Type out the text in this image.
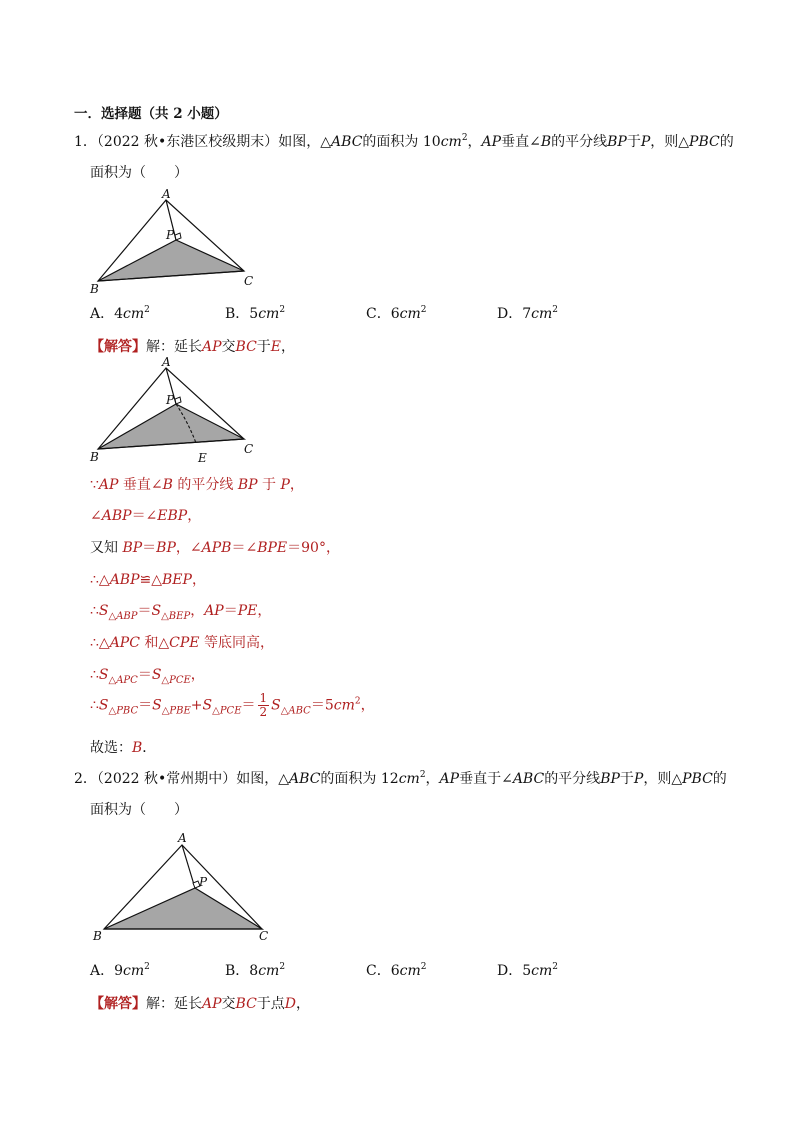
一．选择题（共 2 小题）
1．（2022 秋•东港区校级期末）如图，△ABC的面积为 $10cm^2$，AP垂直∠B的平分线BP于P，则△PBC的
面积为（　　）
A
P
B
C
A．$4cm^2$	B．$5cm^2$	C．$6cm^2$	D．$7cm^2$
【解答】解：延长AP交BC于E，
A
P
B
C
E
∵AP 垂直∠B 的平分线 BP 于 P，
∠ABP＝∠EBP，
又知 BP＝BP，∠APB＝∠BPE＝90°，
∴△ABP≌△BEP，
$\therefore S_{\triangle ABP}=S_{\triangle BEP}$，AP＝PE，
∴△APC 和△CPE 等底同高，
$\therefore S_{\triangle APC}=S_{\triangle PCE}$，
$\therefore S_{\triangle PBC}=S_{\triangle PBE}+S_{\triangle PCE}= \frac{1}{2} S_{\triangle ABC}=5cm^2$，
故选：B．
2．（2022 秋•常州期中）如图，△ABC的面积为 $12cm^2$，AP垂直于∠ABC的平分线BP于P，则△PBC的
面积为（　　）
A
P
B	C
A．$9cm^2$	B．$8cm^2$	C．$6cm^2$	D．$5cm^2$
【解答】解：延长AP交BC于点D，
